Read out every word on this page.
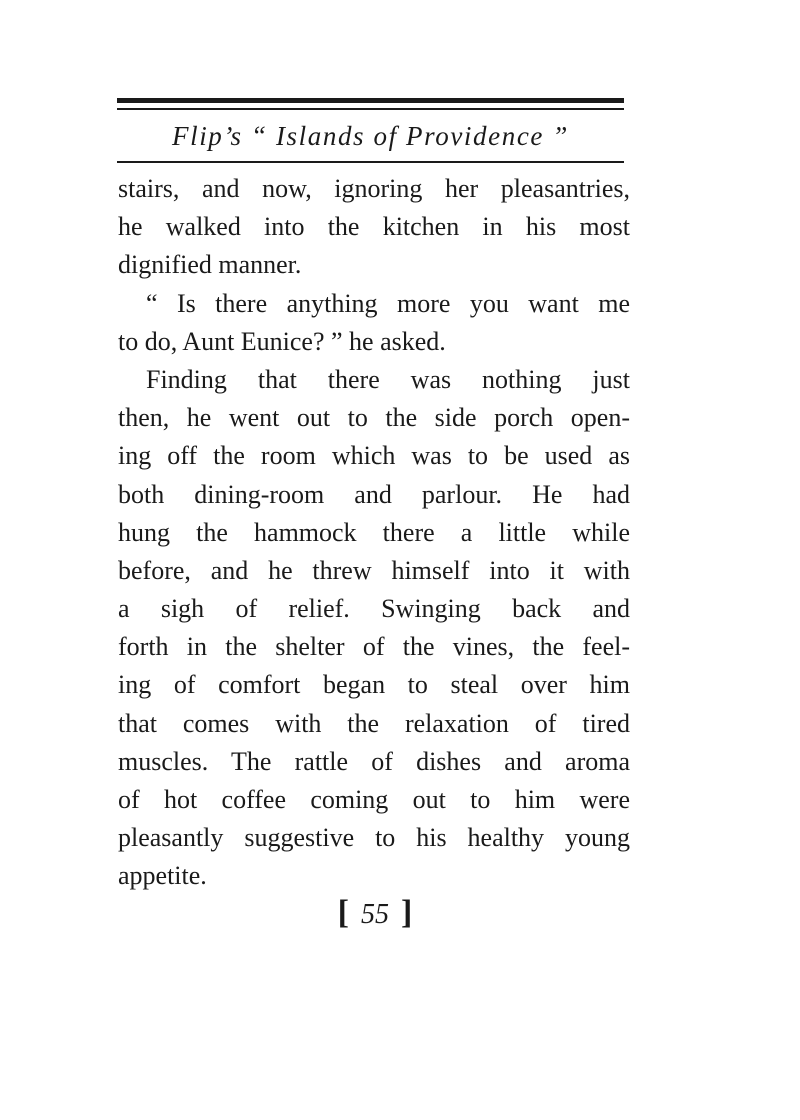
Flip’s “ Islands of Providence ”
stairs, and now, ignoring her pleasantries,
he walked into the kitchen in his most
dignified manner.
“ Is there anything more you want me
to do, Aunt Eunice? ” he asked.
Finding that there was nothing just
then, he went out to the side porch open-
ing off the room which was to be used as
both dining-room and parlour. He had
hung the hammock there a little while
before, and he threw himself into it with
a sigh of relief. Swinging back and
forth in the shelter of the vines, the feel-
ing of comfort began to steal over him
that comes with the relaxation of tired
muscles. The rattle of dishes and aroma
of hot coffee coming out to him were
pleasantly suggestive to his healthy young
appetite.
[ 55 ]
